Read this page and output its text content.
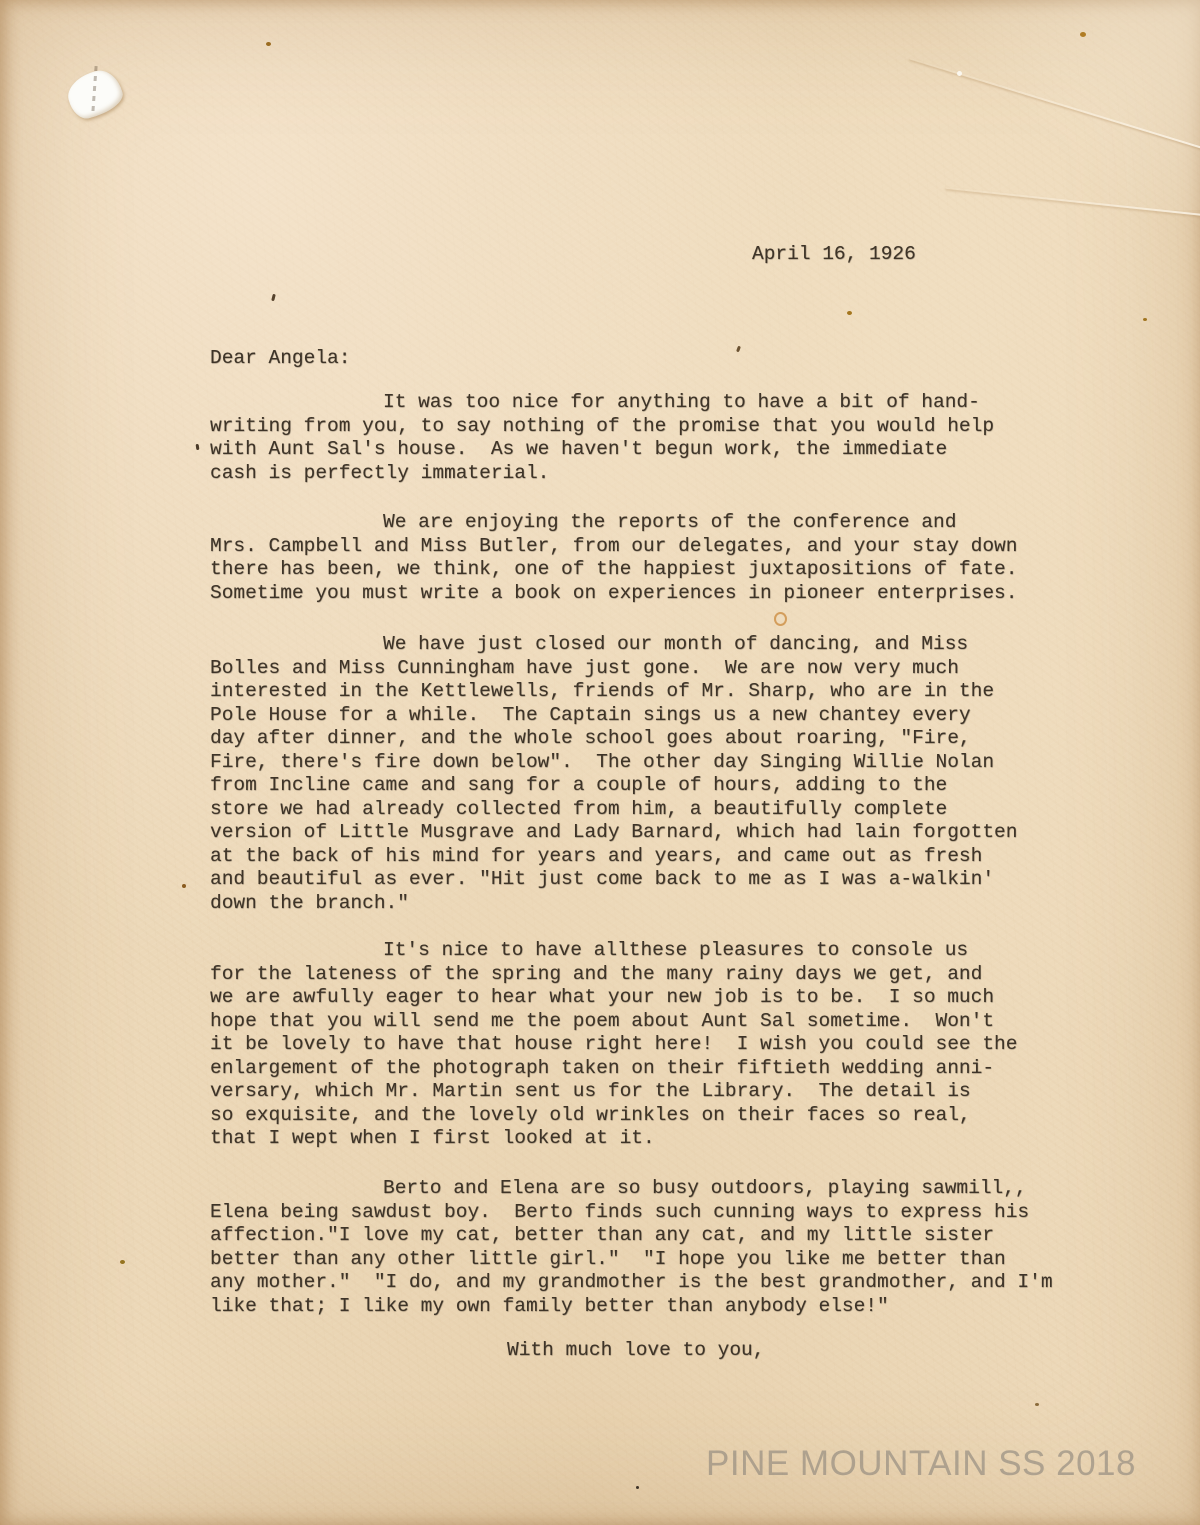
April 16, 1926
Dear Angela:
It was too nice for anything to have a bit of hand-
writing from you, to say nothing of the promise that you would help
with Aunt Sal's house.  As we haven't begun work, the immediate
cash is perfectly immaterial.
We are enjoying the reports of the conference and
Mrs. Campbell and Miss Butler, from our delegates, and your stay down
there has been, we think, one of the happiest juxtapositions of fate.
Sometime you must write a book on experiences in pioneer enterprises.
We have just closed our month of dancing, and Miss
Bolles and Miss Cunningham have just gone.  We are now very much
interested in the Kettlewells, friends of Mr. Sharp, who are in the
Pole House for a while.  The Captain sings us a new chantey every
day after dinner, and the whole school goes about roaring, "Fire,
Fire, there's fire down below".  The other day Singing Willie Nolan
from Incline came and sang for a couple of hours, adding to the
store we had already collected from him, a beautifully complete
version of Little Musgrave and Lady Barnard, which had lain forgotten
at the back of his mind for years and years, and came out as fresh
and beautiful as ever. "Hit just come back to me as I was a-walkin'
down the branch."
It's nice to have allthese pleasures to console us
for the lateness of the spring and the many rainy days we get, and
we are awfully eager to hear what your new job is to be.  I so much
hope that you will send me the poem about Aunt Sal sometime.  Won't
it be lovely to have that house right here!  I wish you could see the
enlargement of the photograph taken on their fiftieth wedding anni-
versary, which Mr. Martin sent us for the Library.  The detail is
so exquisite, and the lovely old wrinkles on their faces so real,
that I wept when I first looked at it.
Berto and Elena are so busy outdoors, playing sawmill,,
Elena being sawdust boy.  Berto finds such cunning ways to express his
affection."I love my cat, better than any cat, and my little sister
better than any other little girl."  "I hope you like me better than
any mother."  "I do, and my grandmother is the best grandmother, and I'm
like that; I like my own family better than anybody else!"
With much love to you,
PINE MOUNTAIN SS 2018
